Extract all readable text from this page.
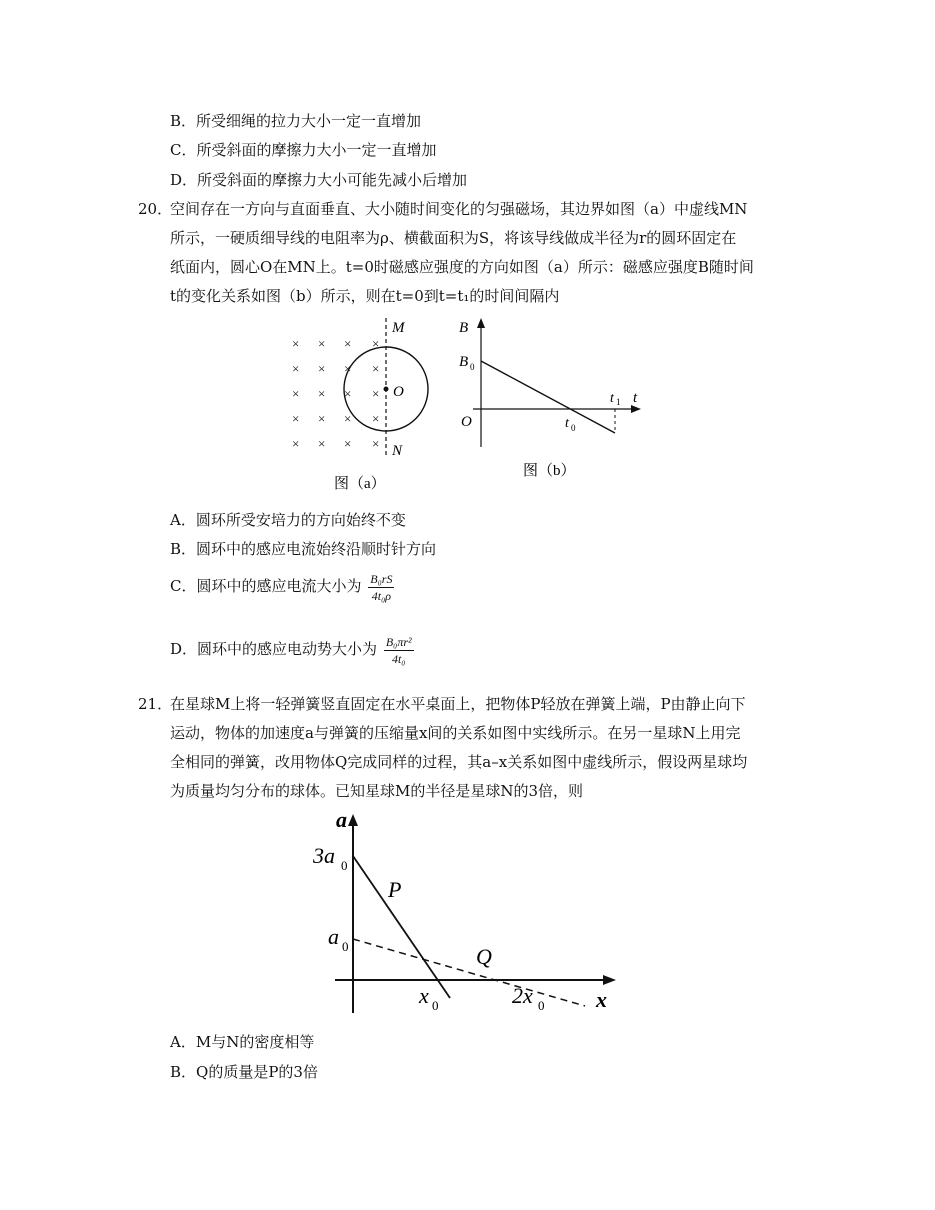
B．所受细绳的拉力大小一定一直增加
C．所受斜面的摩擦力大小一定一直增加
D．所受斜面的摩擦力大小可能先减小后增加
20．
空间存在一方向与直面垂直、大小随时间变化的匀强磁场，其边界如图（a）中虚线MN
所示，一硬质细导线的电阻率为ρ、横截面积为S，将该导线做成半径为r的圆环固定在
纸面内，圆心O在MN上。t=0时磁感应强度的方向如图（a）所示：磁感应强度B随时间
t的变化关系如图（b）所示，则在t=0到t=t₁的时间间隔内
× × × ×
× × × ×
× × × ×
× × × ×
× × × ×
M
N
O
图（a）
B
B 0
O	t 0
t 1 t
图（b）
A．圆环所受安培力的方向始终不变
B．圆环中的感应电流始终沿顺时针方向
C．圆环中的感应电流大小为 $\frac{\text{B₀rS}}{\text{4t₀ρ}}$
D．圆环中的感应电动势大小为 $\frac{\text{B₀πr²}}{\text{4t₀}}$
21．
在星球M上将一轻弹簧竖直固定在水平桌面上，把物体P轻放在弹簧上端，P由静止向下
运动，物体的加速度a与弹簧的压缩量x间的关系如图中实线所示。在另一星球N上用完
全相同的弹簧，改用物体Q完成同样的过程，其a–x关系如图中虚线所示，假设两星球均
为质量均匀分布的球体。已知星球M的半径是星球N的3倍，则
a
3a 0
a 0
P
Q
x 0	2x 0 x
A．M与N的密度相等
B．Q的质量是P的3倍
